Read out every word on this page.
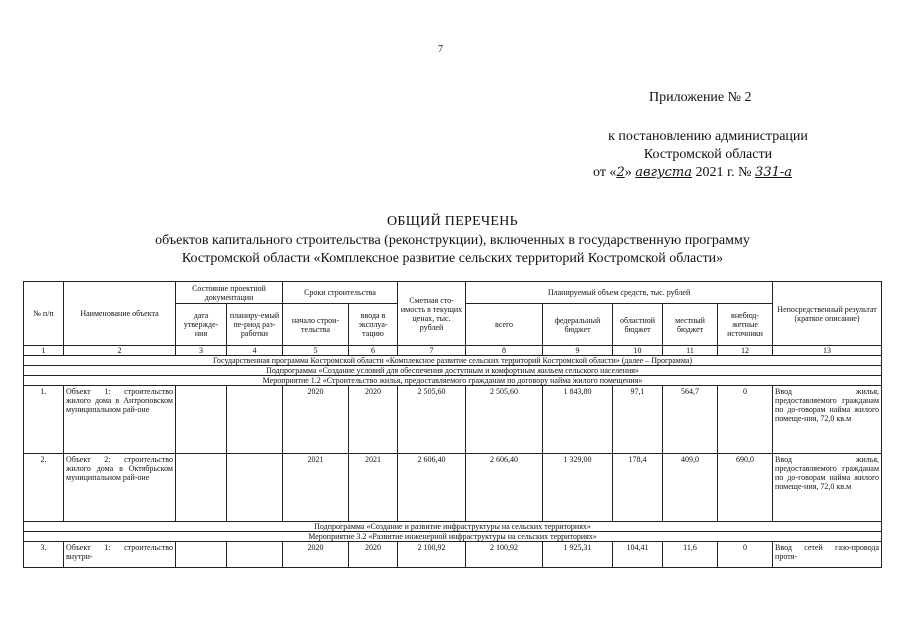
7
Приложение № 2
к постановлению администрации
Костромской области
от «2» августа 2021 г. № 331-а
ОБЩИЙ ПЕРЕЧЕНЬ
объектов капитального строительства (реконструкции), включенных в государственную программу
Костромской области «Комплексное развитие сельских территорий Костромской области»
№ п/п	Наименование объекта	Состояние проектной документации		Сроки строительства		Сметная сто-имость в текущих ценах, тыс. рублей	Планируемый объем средств, тыс. рублей					Непосредственный результат (краткое описание)
		дата утвержде-ния	планиру-емый пе-риод раз-работки	начало строи-тельства	ввода в эксплуа-тацию		всего	федеральный бюджет	областной бюджет	местный бюджет	внебюд-жетные источники	
1	2	3	4	5	6	7	8	9	10	11	12	13
Государственная программа Костромской области «Комплексное развитие сельских территорий Костромской области» (далее – Программа)												
Подпрограмма «Создание условий для обеспечения доступным и комфортным жильем сельского населения»												
Мероприятие 1.2 «Строительство жилья, предоставляемого гражданам по договору найма жилого помещения»												
1.	Объект 1: строительство жилого дома в Антроповском муниципальном рай-оне			2020	2020	2 505,60	2 505,60	1 843,80	97,1	564,7	0	Ввод жилья, предоставляемого гражданам по до-говорам найма жилого помеще-ния, 72,0 кв.м
2.	Объект 2: строительство жилого дома в Октябрьском муниципальном рай-оне			2021	2021	2 606,40	2 606,40	1 329,00	178,4	409,0	690,0	Ввод жилья, предоставляемого гражданам по до-говорам найма жилого помеще-ния, 72,0 кв.м
Подпрограмма «Создание и развитие инфраструктуры на сельских территориях»												
Мероприятие 3.2 «Развитие инженерной инфраструктуры на сельских территориях»												
3.	Объект 1: строительство внутри-			2020	2020	2 100,92	2 100,92	1 925,31	104,41	11,6	0	Ввод сетей газо-провода протя-
